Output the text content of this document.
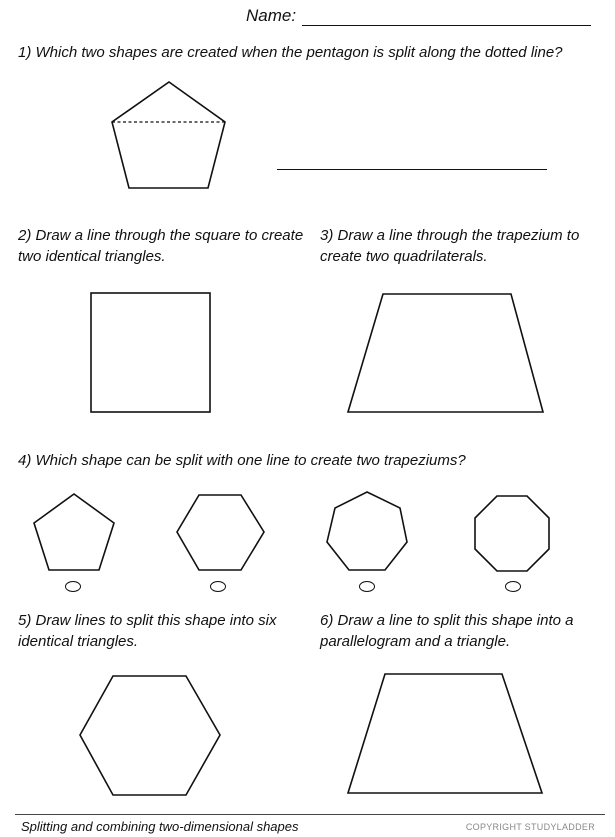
Name:
1) Which two shapes are created when the pentagon is split along the dotted line?
2) Draw a line through the square to create two identical triangles.
3) Draw a line through the trapezium to create two quadrilaterals.
4) Which shape can be split with one line to create two trapeziums?
5) Draw lines to split this shape into six identical triangles.
6) Draw a line to split this shape into a parallelogram and a triangle.
Splitting and combining two-dimensional shapes	COPYRIGHT STUDYLADDER
